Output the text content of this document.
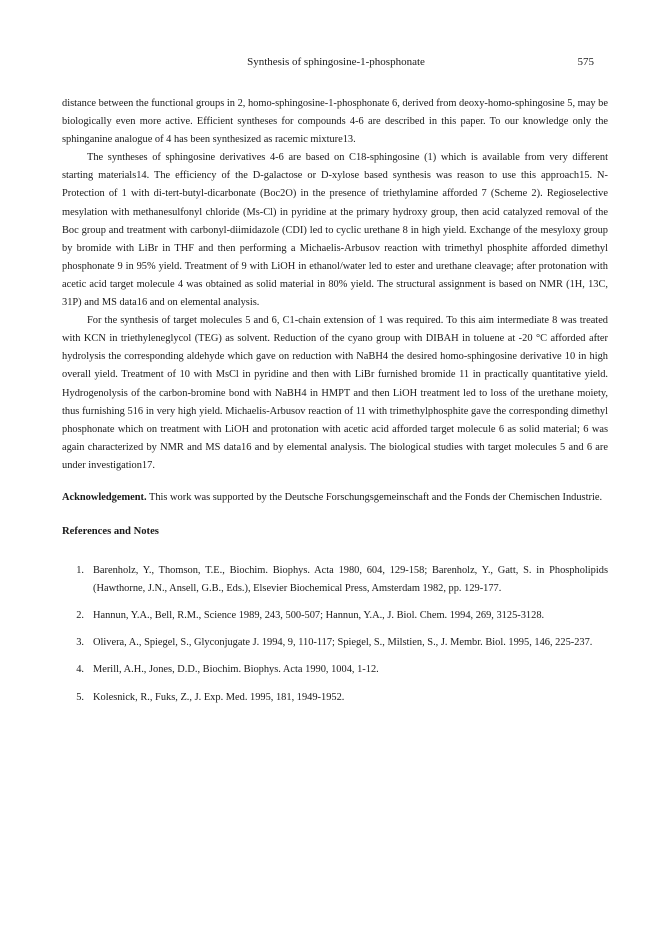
Synthesis of sphingosine-1-phosphonate	575

distance between the functional groups in 2, homo-sphingosine-1-phosphonate 6, derived from deoxy-homo-sphingosine 5, may be biologically even more active. Efficient syntheses for compounds 4-6 are described in this paper. To our knowledge only the sphinganine analogue of 4 has been synthesized as racemic mixture13.

The syntheses of sphingosine derivatives 4-6 are based on C18-sphingosine (1) which is available from very different starting materials14. The efficiency of the D-galactose or D-xylose based synthesis was reason to use this approach15. N-Protection of 1 with di-tert-butyl-dicarbonate (Boc2O) in the presence of triethylamine afforded 7 (Scheme 2). Regioselective mesylation with methanesulfonyl chloride (Ms-Cl) in pyridine at the primary hydroxy group, then acid catalyzed removal of the Boc group and treatment with carbonyl-diimidazole (CDI) led to cyclic urethane 8 in high yield. Exchange of the mesyloxy group by bromide with LiBr in THF and then performing a Michaelis-Arbusov reaction with trimethyl phosphite afforded dimethyl phosphonate 9 in 95% yield. Treatment of 9 with LiOH in ethanol/water led to ester and urethane cleavage; after protonation with acetic acid target molecule 4 was obtained as solid material in 80% yield. The structural assignment is based on NMR (1H, 13C, 31P) and MS data16 and on elemental analysis.

For the synthesis of target molecules 5 and 6, C1-chain extension of 1 was required. To this aim intermediate 8 was treated with KCN in triethyleneglycol (TEG) as solvent. Reduction of the cyano group with DIBAH in toluene at -20 °C afforded after hydrolysis the corresponding aldehyde which gave on reduction with NaBH4 the desired homo-sphingosine derivative 10 in high overall yield. Treatment of 10 with MsCl in pyridine and then with LiBr furnished bromide 11 in practically quantitative yield. Hydrogenolysis of the carbon-bromine bond with NaBH4 in HMPT and then LiOH treatment led to loss of the urethane moiety, thus furnishing 516 in very high yield. Michaelis-Arbusov reaction of 11 with trimethylphosphite gave the corresponding dimethyl phosphonate which on treatment with LiOH and protonation with acetic acid afforded target molecule 6 as solid material; 6 was again characterized by NMR and MS data16 and by elemental analysis. The biological studies with target molecules 5 and 6 are under investigation17.

Acknowledgement. This work was supported by the Deutsche Forschungsgemeinschaft and the Fonds der Chemischen Industrie.

References and Notes
1. Barenholz, Y., Thomson, T.E., Biochim. Biophys. Acta 1980, 604, 129-158; Barenholz, Y., Gatt, S. in Phospholipids (Hawthorne, J.N., Ansell, G.B., Eds.), Elsevier Biochemical Press, Amsterdam 1982, pp. 129-177.
2. Hannun, Y.A., Bell, R.M., Science 1989, 243, 500-507; Hannun, Y.A., J. Biol. Chem. 1994, 269, 3125-3128.
3. Olivera, A., Spiegel, S., Glyconjugate J. 1994, 9, 110-117; Spiegel, S., Milstien, S., J. Membr. Biol. 1995, 146, 225-237.
4. Merill, A.H., Jones, D.D., Biochim. Biophys. Acta 1990, 1004, 1-12.
5. Kolesnick, R., Fuks, Z., J. Exp. Med. 1995, 181, 1949-1952.
